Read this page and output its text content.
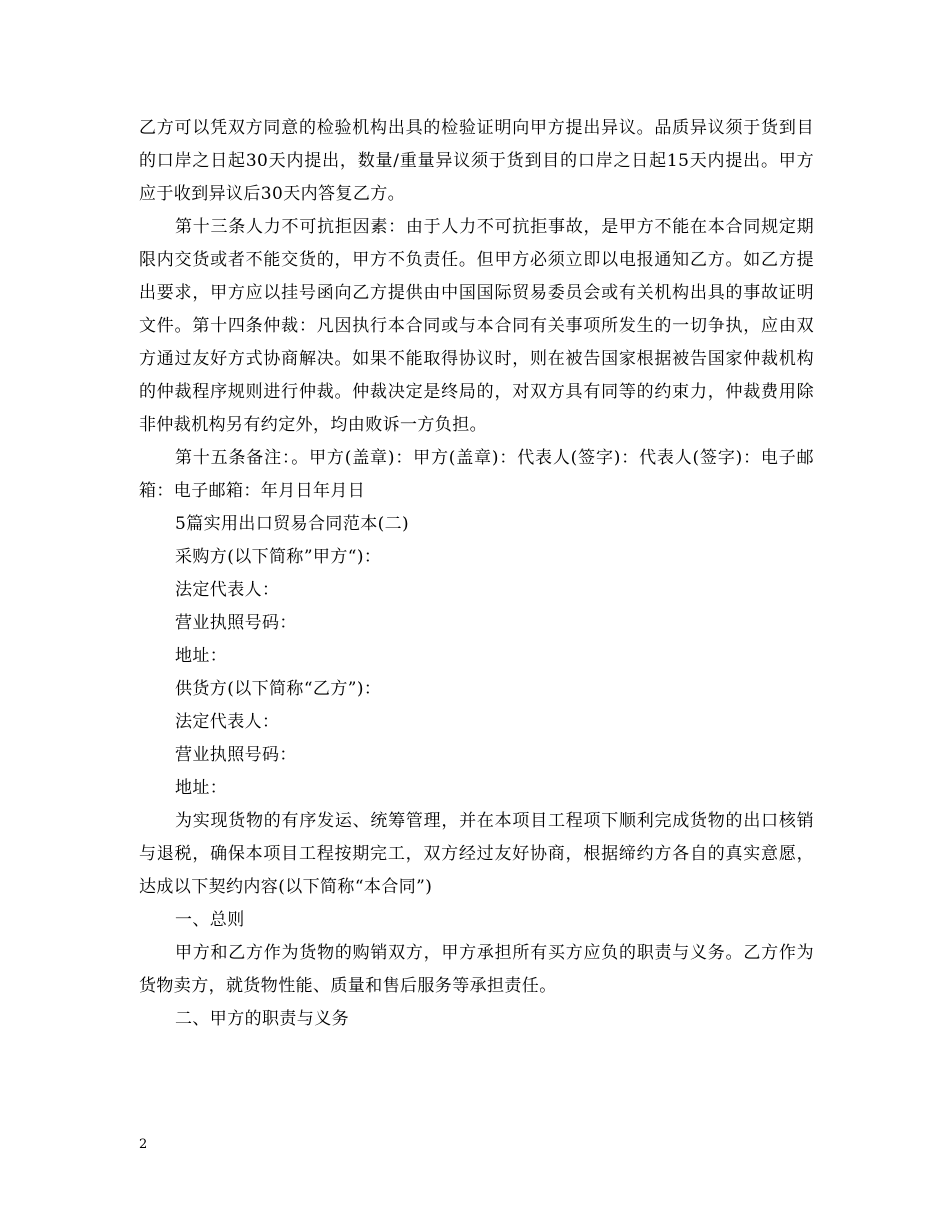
乙方可以凭双方同意的检验机构出具的检验证明向甲方提出异议。品质异议须于货到目的口岸之日起30天内提出，数量/重量异议须于货到目的口岸之日起15天内提出。甲方应于收到异议后30天内答复乙方。

第十三条人力不可抗拒因素：由于人力不可抗拒事故，是甲方不能在本合同规定期限内交货或者不能交货的，甲方不负责任。但甲方必须立即以电报通知乙方。如乙方提出要求，甲方应以挂号函向乙方提供由中国国际贸易委员会或有关机构出具的事故证明文件。第十四条仲裁：凡因执行本合同或与本合同有关事项所发生的一切争执，应由双方通过友好方式协商解决。如果不能取得协议时，则在被告国家根据被告国家仲裁机构的仲裁程序规则进行仲裁。仲裁决定是终局的，对双方具有同等的约束力，仲裁费用除非仲裁机构另有约定外，均由败诉一方负担。

第十五条备注：。甲方(盖章)：甲方(盖章)：代表人(签字)：代表人(签字)：电子邮箱：电子邮箱：年月日年月日

5篇实用出口贸易合同范本(二)

采购方(以下简称”甲方“)：

法定代表人：

营业执照号码：

地址：

供货方(以下简称“乙方”)：

法定代表人：

营业执照号码：

地址：

为实现货物的有序发运、统筹管理，并在本项目工程项下顺利完成货物的出口核销与退税，确保本项目工程按期完工，双方经过友好协商，根据缔约方各自的真实意愿，达成以下契约内容(以下简称“本合同”)

一、总则

甲方和乙方作为货物的购销双方，甲方承担所有买方应负的职责与义务。乙方作为货物卖方，就货物性能、质量和售后服务等承担责任。

二、甲方的职责与义务

2
